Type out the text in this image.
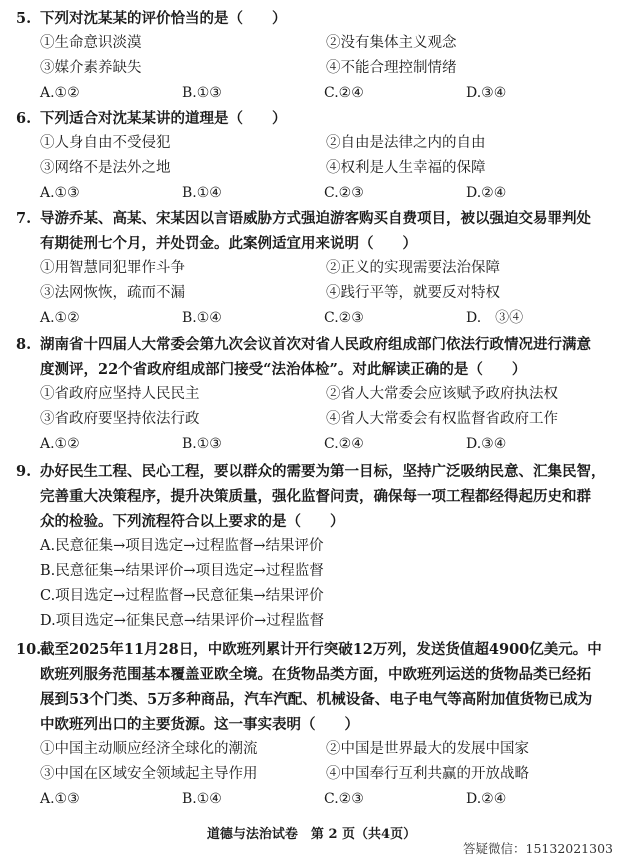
5. 下列对沈某某的评价恰当的是（　　）
①生命意识淡漠	②没有集体主义观念
③媒介素养缺失	④不能合理控制情绪
A.①②	B.①③	C.②④	D.③④
6. 下列适合对沈某某讲的道理是（　　）
①人身自由不受侵犯	②自由是法律之内的自由
③网络不是法外之地	④权利是人生幸福的保障
A.①③	B.①④	C.②③	D.②④
7. 导游乔某、高某、宋某因以言语威胁方式强迫游客购买自费项目，被以强迫交易罪判处
有期徒刑七个月，并处罚金。此案例适宜用来说明（　　）
①用智慧同犯罪作斗争	②正义的实现需要法治保障
③法网恢恢，疏而不漏	④践行平等，就要反对特权
A.①②	B.①④	C.②③	D.　③④
8. 湖南省十四届人大常委会第九次会议首次对省人民政府组成部门依法行政情况进行满意
度测评，22个省政府组成部门接受“法治体检”。对此解读正确的是（　　）
①省政府应坚持人民民主	②省人大常委会应该赋予政府执法权
③省政府要坚持依法行政	④省人大常委会有权监督省政府工作
A.①②	B.①③	C.②④	D.③④
9. 办好民生工程、民心工程，要以群众的需要为第一目标，坚持广泛吸纳民意、汇集民智，
完善重大决策程序，提升决策质量，强化监督问责，确保每一项工程都经得起历史和群
众的检验。下列流程符合以上要求的是（　　）
A.民意征集→项目选定→过程监督→结果评价
B.民意征集→结果评价→项目选定→过程监督
C.项目选定→过程监督→民意征集→结果评价
D.项目选定→征集民意→结果评价→过程监督
10.
截至2025年11月28日，中欧班列累计开行突破12万列，发送货值超4900亿美元。中
欧班列服务范围基本覆盖亚欧全境。在货物品类方面，中欧班列运送的货物品类已经拓
展到53个门类、5万多种商品，汽车汽配、机械设备、电子电气等高附加值货物已成为
中欧班列出口的主要货源。这一事实表明（　　）
①中国主动顺应经济全球化的潮流	②中国是世界最大的发展中国家
③中国在区域安全领域起主导作用	④中国奉行互利共赢的开放战略
A.①③	B.①④	C.②③	D.②④
道德与法治试卷　第 2 页（共4页）
答疑微信：15132021303
